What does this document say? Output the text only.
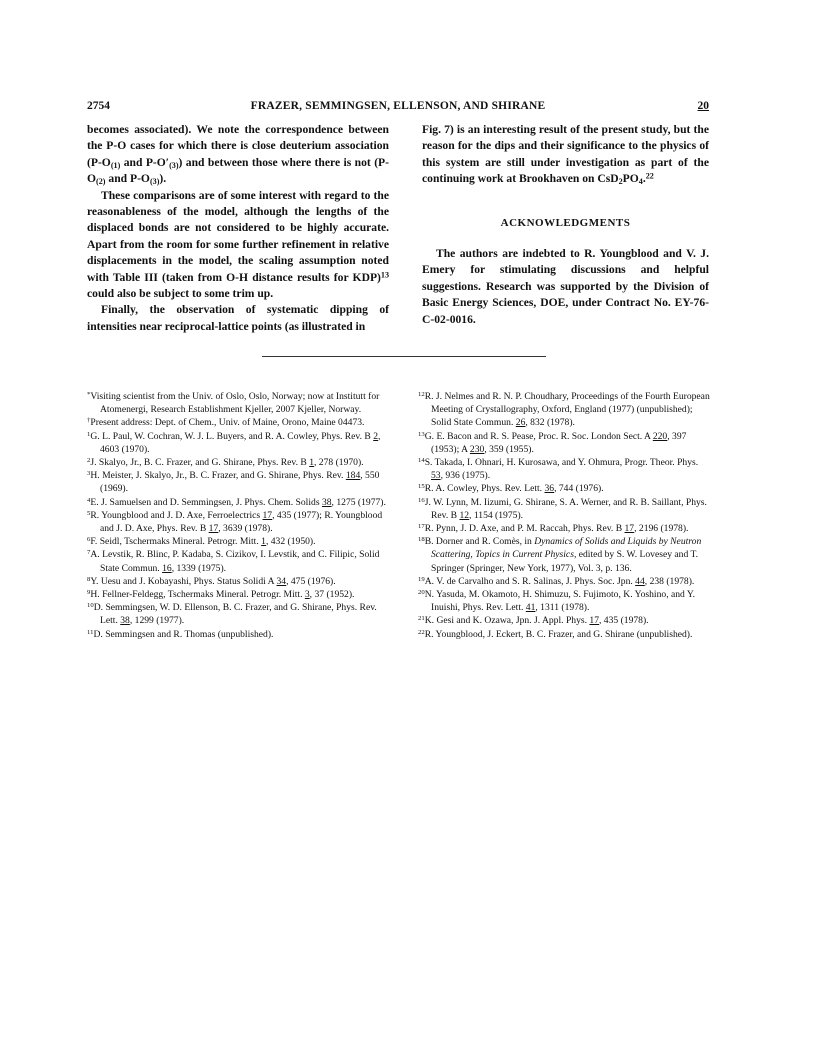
2754	FRAZER, SEMMINGSEN, ELLENSON, AND SHIRANE	20

becomes associated). We note the correspondence between the P-O cases for which there is close deuterium association ($P-O_{(1)}$ and $P-O'_{(3)}$) and between those where there is not ($P-O_{(2)}$ and $P-O_{(3)}$).

These comparisons are of some interest with regard to the reasonableness of the model, although the lengths of the displaced bonds are not considered to be highly accurate. Apart from the room for some further refinement in relative displacements in the model, the scaling assumption noted with Table III (taken from O-H distance results for KDP)$^{13}$ could also be subject to some trim up.

Finally, the observation of systematic dipping of intensities near reciprocal-lattice points (as illustrated in

Fig. 7) is an interesting result of the present study, but the reason for the dips and their significance to the physics of this system are still under investigation as part of the continuing work at Brookhaven on $CsD_2PO_4.^{22}$

ACKNOWLEDGMENTS

The authors are indebted to R. Youngblood and V. J. Emery for stimulating discussions and helpful suggestions. Research was supported by the Division of Basic Energy Sciences, DOE, under Contract No. EY-76-C-02-0016.

*Visiting scientist from the Univ. of Oslo, Oslo, Norway; now at Institutt for Atomenergi, Research Establishment Kjeller, 2007 Kjeller, Norway.

†Present address: Dept. of Chem., Univ. of Maine, Orono, Maine 04473.

$^1$G. L. Paul, W. Cochran, W. J. L. Buyers, and R. A. Cowley, Phys. Rev. B 2, 4603 (1970).

$^2$J. Skalyo, Jr., B. C. Frazer, and G. Shirane, Phys. Rev. B 1, 278 (1970).

$^3$H. Meister, J. Skalyo, Jr., B. C. Frazer, and G. Shirane, Phys. Rev. 184, 550 (1969).

$^4$E. J. Samuelsen and D. Semmingsen, J. Phys. Chem. Solids 38, 1275 (1977).

$^5$R. Youngblood and J. D. Axe, Ferroelectrics 17, 435 (1977); R. Youngblood and J. D. Axe, Phys. Rev. B 17, 3639 (1978).

$^6$F. Seidl, Tschermaks Mineral. Petrogr. Mitt. 1, 432 (1950).

$^7$A. Levstik, R. Blinc, P. Kadaba, S. Cizikov, I. Levstik, and C. Filipic, Solid State Commun. 16, 1339 (1975).

$^8$Y. Uesu and J. Kobayashi, Phys. Status Solidi A 34, 475 (1976).

$^9$H. Fellner-Feldegg, Tschermaks Mineral. Petrogr. Mitt. 3, 37 (1952).

$^{10}$D. Semmingsen, W. D. Ellenson, B. C. Frazer, and G. Shirane, Phys. Rev. Lett. 38, 1299 (1977).

$^{11}$D. Semmingsen and R. Thomas (unpublished).

$^{12}$R. J. Nelmes and R. N. P. Choudhary, Proceedings of the Fourth European Meeting of Crystallography, Oxford, England (1977) (unpublished); Solid State Commun. 26, 832 (1978).

$^{13}$G. E. Bacon and R. S. Pease, Proc. R. Soc. London Sect. A 220, 397 (1953); A 230, 359 (1955).

$^{14}$S. Takada, I. Ohnari, H. Kurosawa, and Y. Ohmura, Progr. Theor. Phys. 53, 936 (1975).

$^{15}$R. A. Cowley, Phys. Rev. Lett. 36, 744 (1976).

$^{16}$J. W. Lynn, M. Iizumi, G. Shirane, S. A. Werner, and R. B. Saillant, Phys. Rev. B 12, 1154 (1975).

$^{17}$R. Pynn, J. D. Axe, and P. M. Raccah, Phys. Rev. B 17, 2196 (1978).

$^{18}$B. Dorner and R. Comès, in Dynamics of Solids and Liquids by Neutron Scattering, Topics in Current Physics, edited by S. W. Lovesey and T. Springer (Springer, New York, 1977), Vol. 3, p. 136.

$^{19}$A. V. de Carvalho and S. R. Salinas, J. Phys. Soc. Jpn. 44, 238 (1978).

$^{20}$N. Yasuda, M. Okamoto, H. Shimuzu, S. Fujimoto, K. Yoshino, and Y. Inuishi, Phys. Rev. Lett. 41, 1311 (1978).

$^{21}$K. Gesi and K. Ozawa, Jpn. J. Appl. Phys. 17, 435 (1978).

$^{22}$R. Youngblood, J. Eckert, B. C. Frazer, and G. Shirane (unpublished).
